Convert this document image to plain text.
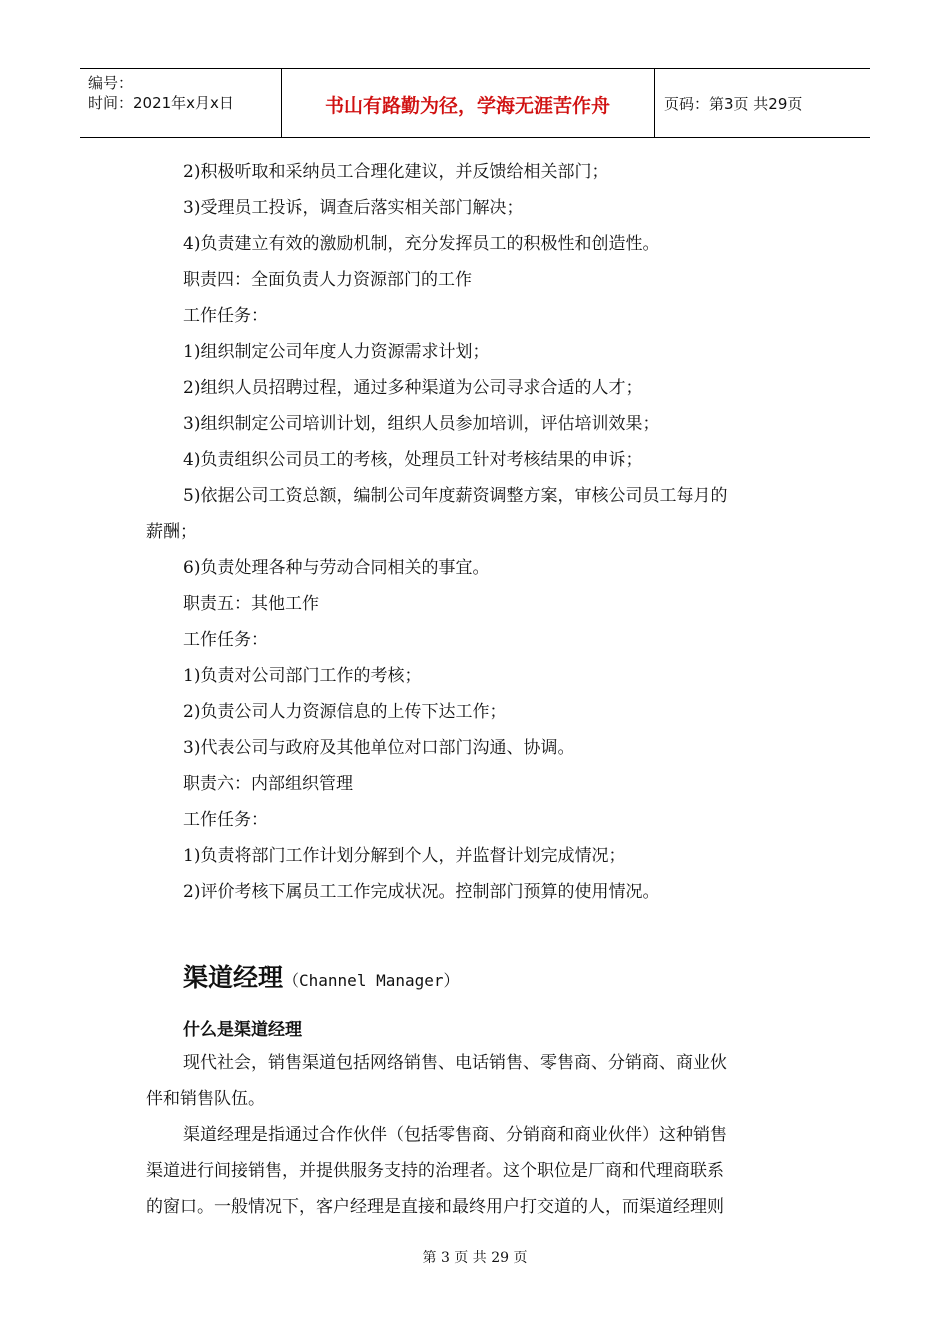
编号：
时间：2021年x月x日	书山有路勤为径，学海无涯苦作舟	页码：第3页 共29页
2)积极听取和采纳员工合理化建议，并反馈给相关部门；
3)受理员工投诉，调查后落实相关部门解决；
4)负责建立有效的激励机制，充分发挥员工的积极性和创造性。
职责四：全面负责人力资源部门的工作
工作任务：
1)组织制定公司年度人力资源需求计划；
2)组织人员招聘过程，通过多种渠道为公司寻求合适的人才；
3)组织制定公司培训计划，组织人员参加培训，评估培训效果；
4)负责组织公司员工的考核，处理员工针对考核结果的申诉；
5)依据公司工资总额，编制公司年度薪资调整方案，审核公司员工每月的
薪酬；
6)负责处理各种与劳动合同相关的事宜。
职责五：其他工作
工作任务：
1)负责对公司部门工作的考核；
2)负责公司人力资源信息的上传下达工作；
3)代表公司与政府及其他单位对口部门沟通、协调。
职责六：内部组织管理
工作任务：
1)负责将部门工作计划分解到个人，并监督计划完成情况；
2)评价考核下属员工工作完成状况。控制部门预算的使用情况。
渠道经理（Channel Manager）
什么是渠道经理
现代社会，销售渠道包括网络销售、电话销售、零售商、分销商、商业伙
伴和销售队伍。
渠道经理是指通过合作伙伴（包括零售商、分销商和商业伙伴）这种销售
渠道进行间接销售，并提供服务支持的治理者。这个职位是厂商和代理商联系
的窗口。一般情况下，客户经理是直接和最终用户打交道的人，而渠道经理则
第 3 页 共 29 页
